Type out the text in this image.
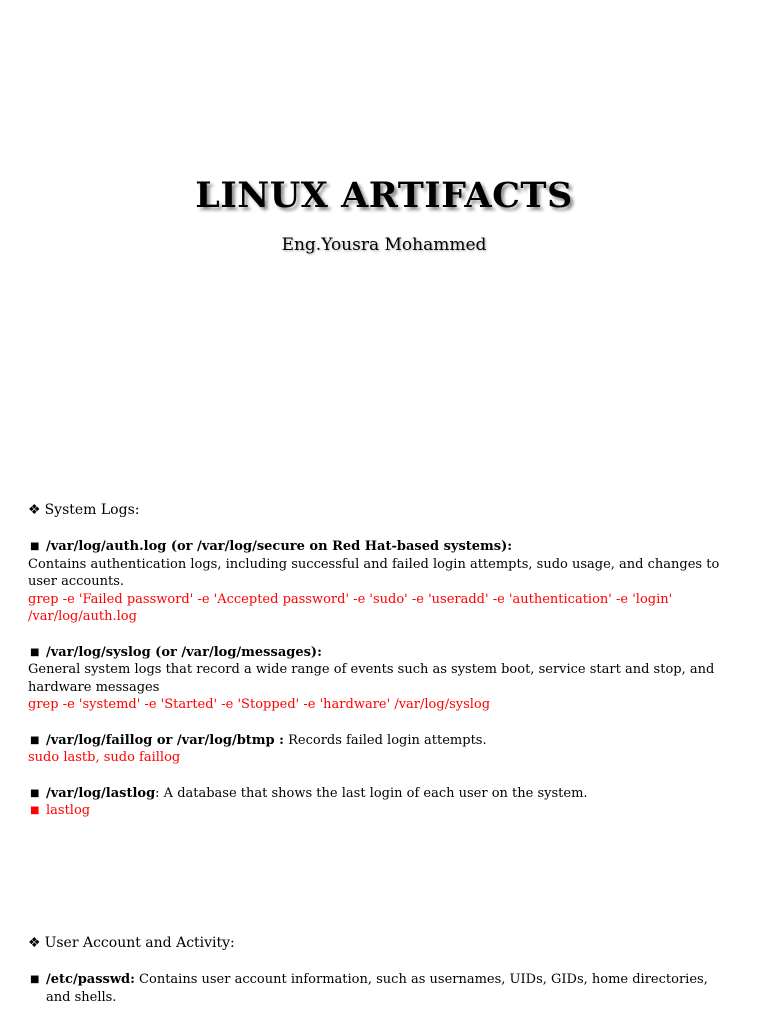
LINUX ARTIFACTS
Eng.Yousra Mohammed
❖ System Logs:
■ /var/log/auth.log (or /var/log/secure on Red Hat-based systems):
Contains authentication logs, including successful and failed login attempts, sudo usage, and changes to user accounts.
grep -e 'Failed password' -e 'Accepted password' -e 'sudo' -e 'useradd' -e 'authentication' -e 'login' /var/log/auth.log
■ /var/log/syslog (or /var/log/messages):
General system logs that record a wide range of events such as system boot, service start and stop, and hardware messages
grep -e 'systemd' -e 'Started' -e 'Stopped' -e 'hardware' /var/log/syslog
■ /var/log/faillog or /var/log/btmp : Records failed login attempts.
sudo lastb, sudo faillog
■ /var/log/lastlog: A database that shows the last login of each user on the system.
■ lastlog
❖ User Account and Activity:
■ /etc/passwd: Contains user account information, such as usernames, UIDs, GIDs, home directories, and shells.
